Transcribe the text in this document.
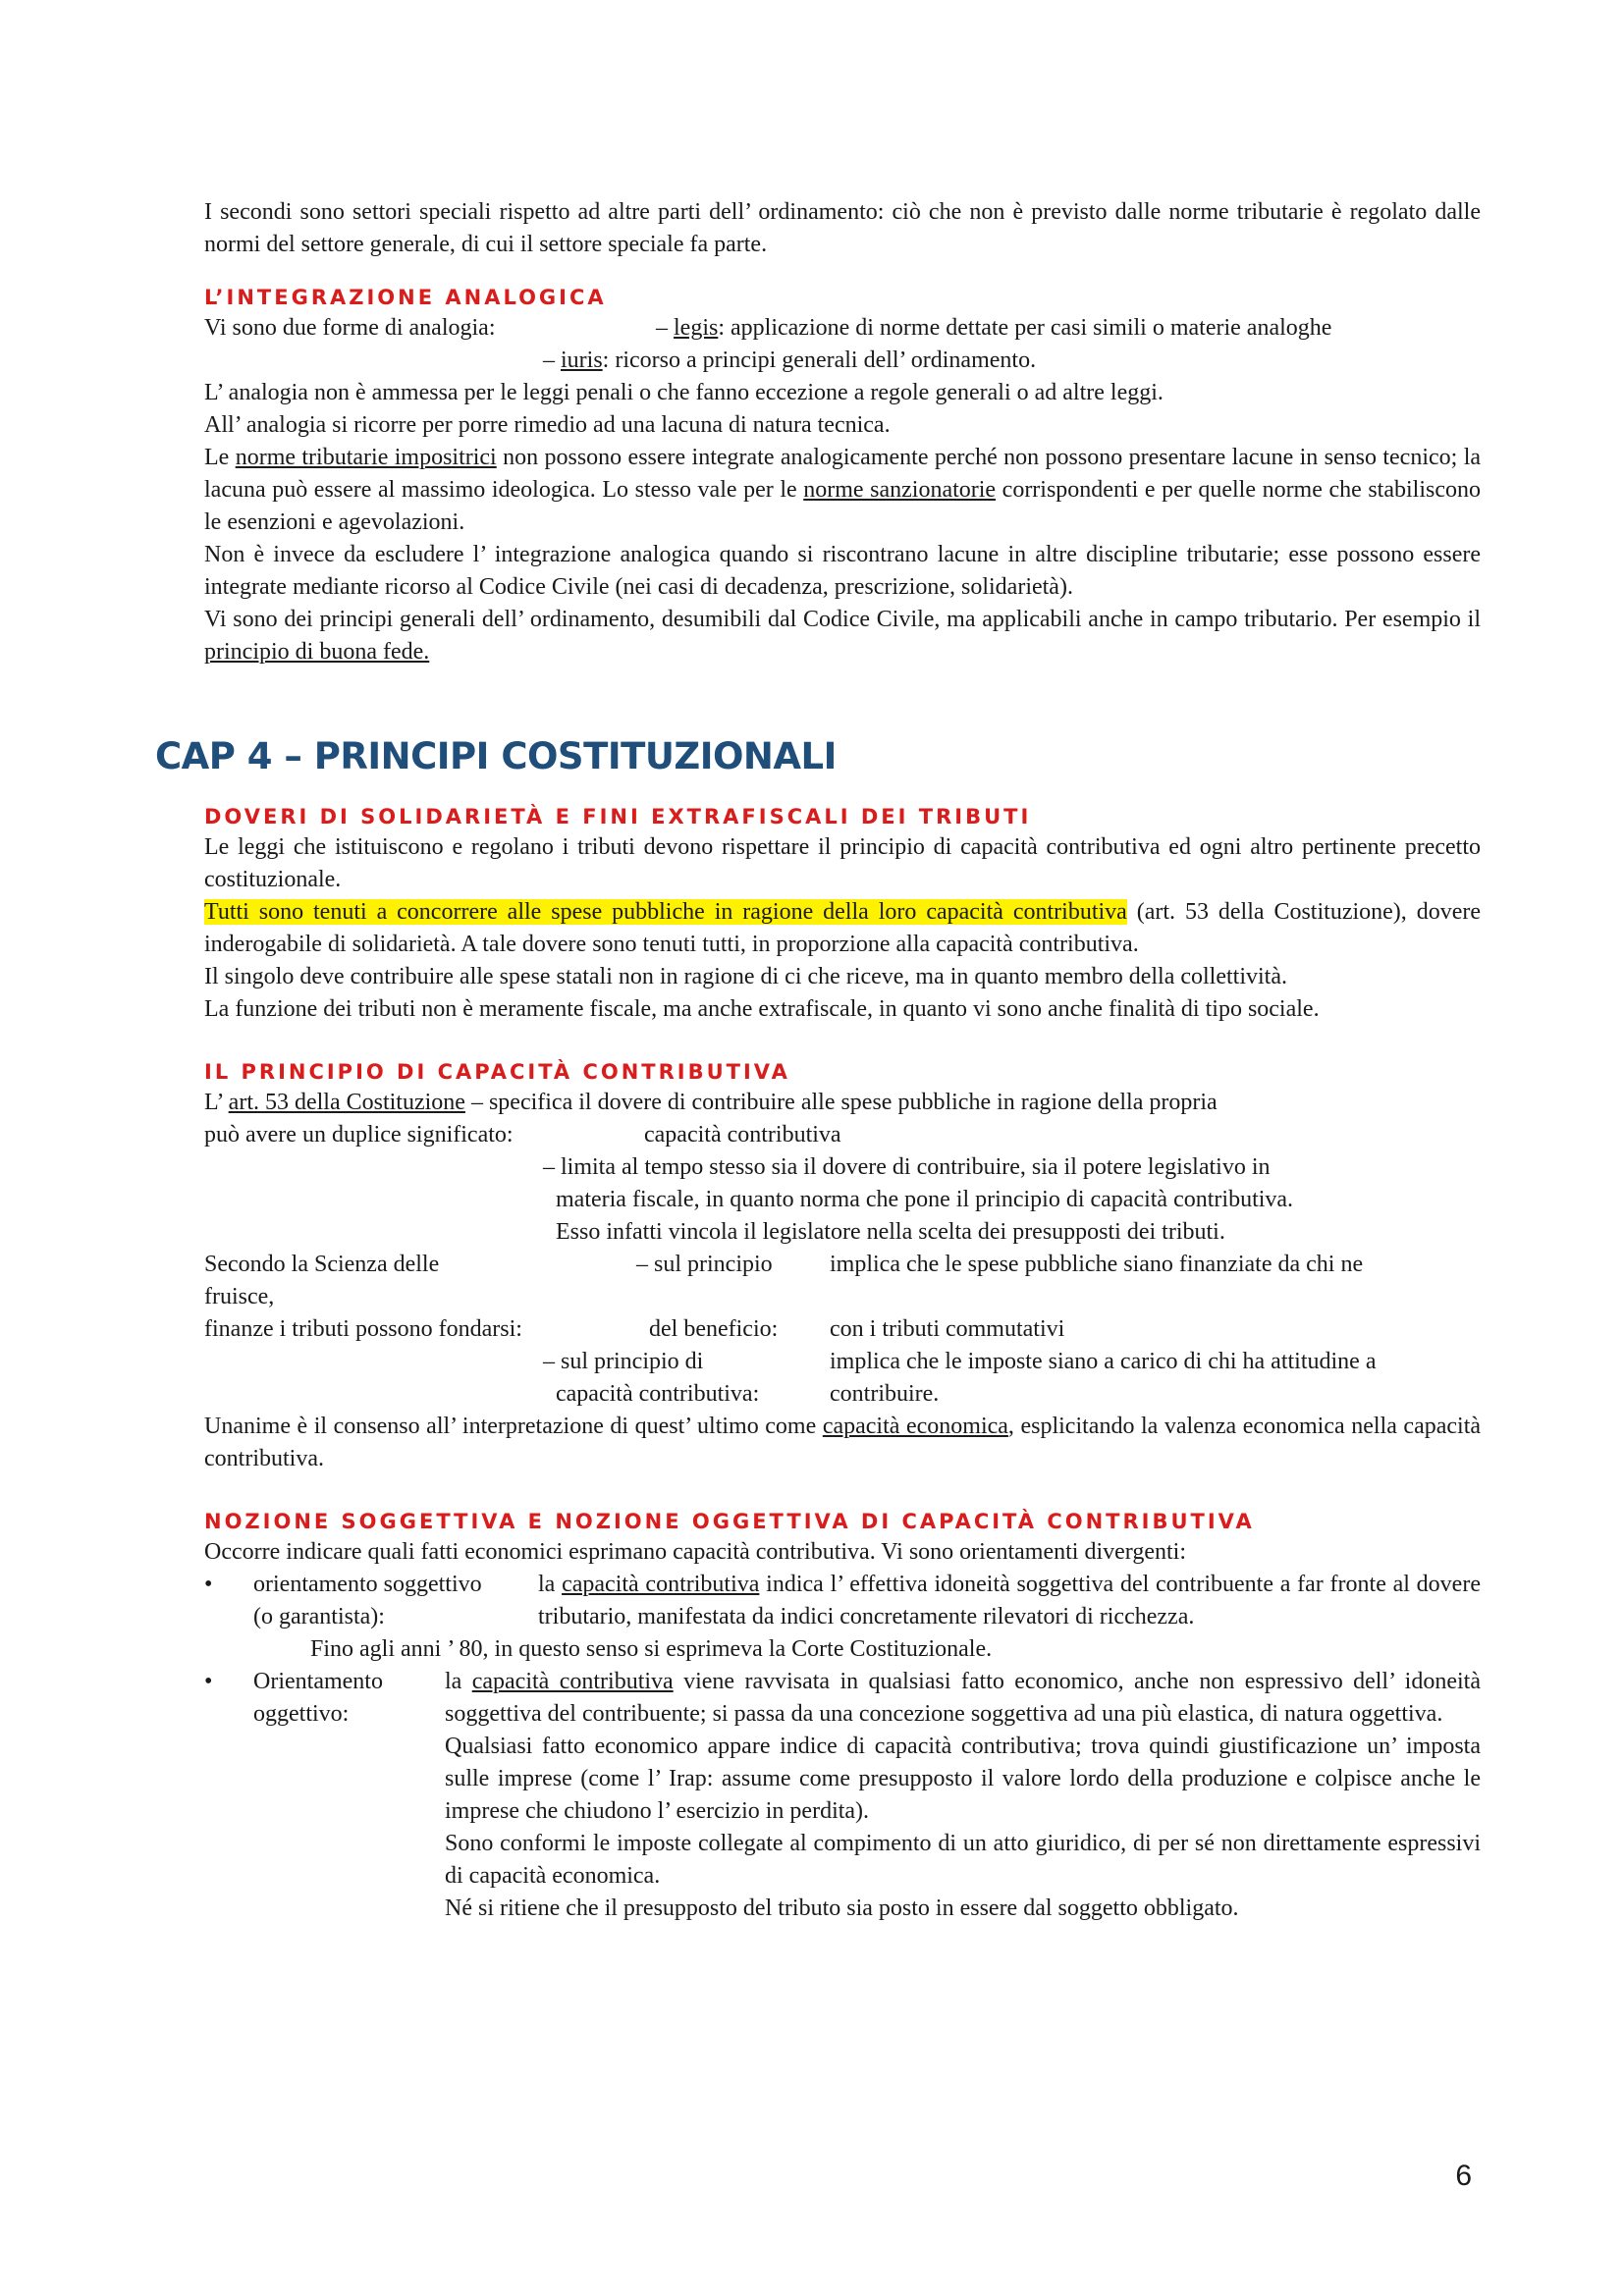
I secondi sono settori speciali rispetto ad altre parti dell’ ordinamento: ciò che non è previsto dalle norme tributarie è regolato dalle normi del settore generale, di cui il settore speciale fa parte.

L’INTEGRAZIONE ANALOGICA
Vi sono due forme di analogia:	– legis: applicazione di norme dettate per casi simili o materie analoghe
– iuris: ricorso a principi generali dell’ ordinamento.

L’ analogia non è ammessa per le leggi penali o che fanno eccezione a regole generali o ad altre leggi.

All’ analogia si ricorre per porre rimedio ad una lacuna di natura tecnica.

Le norme tributarie impositrici non possono essere integrate analogicamente perché non possono presentare lacune in senso tecnico; la lacuna può essere al massimo ideologica. Lo stesso vale per le norme sanzionatorie corrispondenti e per quelle norme che stabiliscono le esenzioni e agevolazioni.

Non è invece da escludere l’ integrazione analogica quando si riscontrano lacune in altre discipline tributarie; esse possono essere integrate mediante ricorso al Codice Civile (nei casi di decadenza, prescrizione, solidarietà).

Vi sono dei principi generali dell’ ordinamento, desumibili dal Codice Civile, ma applicabili anche in campo tributario. Per esempio il principio di buona fede.

CAP 4 – PRINCIPI COSTITUZIONALI
DOVERI DI SOLIDARIETÀ E FINI EXTRAFISCALI DEI TRIBUTI

Le leggi che istituiscono e regolano i tributi devono rispettare il principio di capacità contributiva ed ogni altro pertinente precetto costituzionale.

Tutti sono tenuti a concorrere alle spese pubbliche in ragione della loro capacità contributiva (art. 53 della Costituzione), dovere inderogabile di solidarietà. A tale dovere sono tenuti tutti, in proporzione alla capacità contributiva.

Il singolo deve contribuire alle spese statali non in ragione di ci che riceve, ma in quanto membro della collettività.

La funzione dei tributi non è meramente fiscale, ma anche extrafiscale, in quanto vi sono anche finalità di tipo sociale.

IL PRINCIPIO DI CAPACITÀ CONTRIBUTIVA
L’ art. 53 della Costituzione – specifica il dovere di contribuire alle spese pubbliche in ragione della propria
può avere un duplice significato:	capacità contributiva
– limita al tempo stesso sia il dovere di contribuire, sia il potere legislativo in
materia fiscale, in quanto norma che pone il principio di capacità contributiva.
Esso infatti vincola il legislatore nella scelta dei presupposti dei tributi.
Secondo la Scienza delle	– sul principio	implica che le spese pubbliche siano finanziate da chi ne
fruisce,
finanze i tributi possono fondarsi:	del beneficio:	con i tributi commutativi
– sul principio di	implica che le imposte siano a carico di chi ha attitudine a
capacità contributiva:	contribuire.

Unanime è il consenso all’ interpretazione di quest’ ultimo come capacità economica, esplicitando la valenza economica nella capacità contributiva.

NOZIONE SOGGETTIVA E NOZIONE OGGETTIVA DI CAPACITÀ CONTRIBUTIVA

Occorre indicare quali fatti economici esprimano capacità contributiva. Vi sono orientamenti divergenti:

•	orientamento soggettivo
(o garantista):

la capacità contributiva indica l’ effettiva idoneità soggettiva del contribuente a far fronte al dovere tributario, manifestata da indici concretamente rilevatori di ricchezza.

Fino agli anni ’ 80, in questo senso si esprimeva la Corte Costituzionale.
•	Orientamento
oggettivo:

la capacità contributiva viene ravvisata in qualsiasi fatto economico, anche non espressivo dell’ idoneità soggettiva del contribuente; si passa da una concezione soggettiva ad una più elastica, di natura oggettiva.

Qualsiasi fatto economico appare indice di capacità contributiva; trova quindi giustificazione un’ imposta sulle imprese (come l’ Irap: assume come presupposto il valore lordo della produzione e colpisce anche le imprese che chiudono l’ esercizio in perdita).

Sono conformi le imposte collegate al compimento di un atto giuridico, di per sé non direttamente espressivi di capacità economica.

Né si ritiene che il presupposto del tributo sia posto in essere dal soggetto obbligato.

6
